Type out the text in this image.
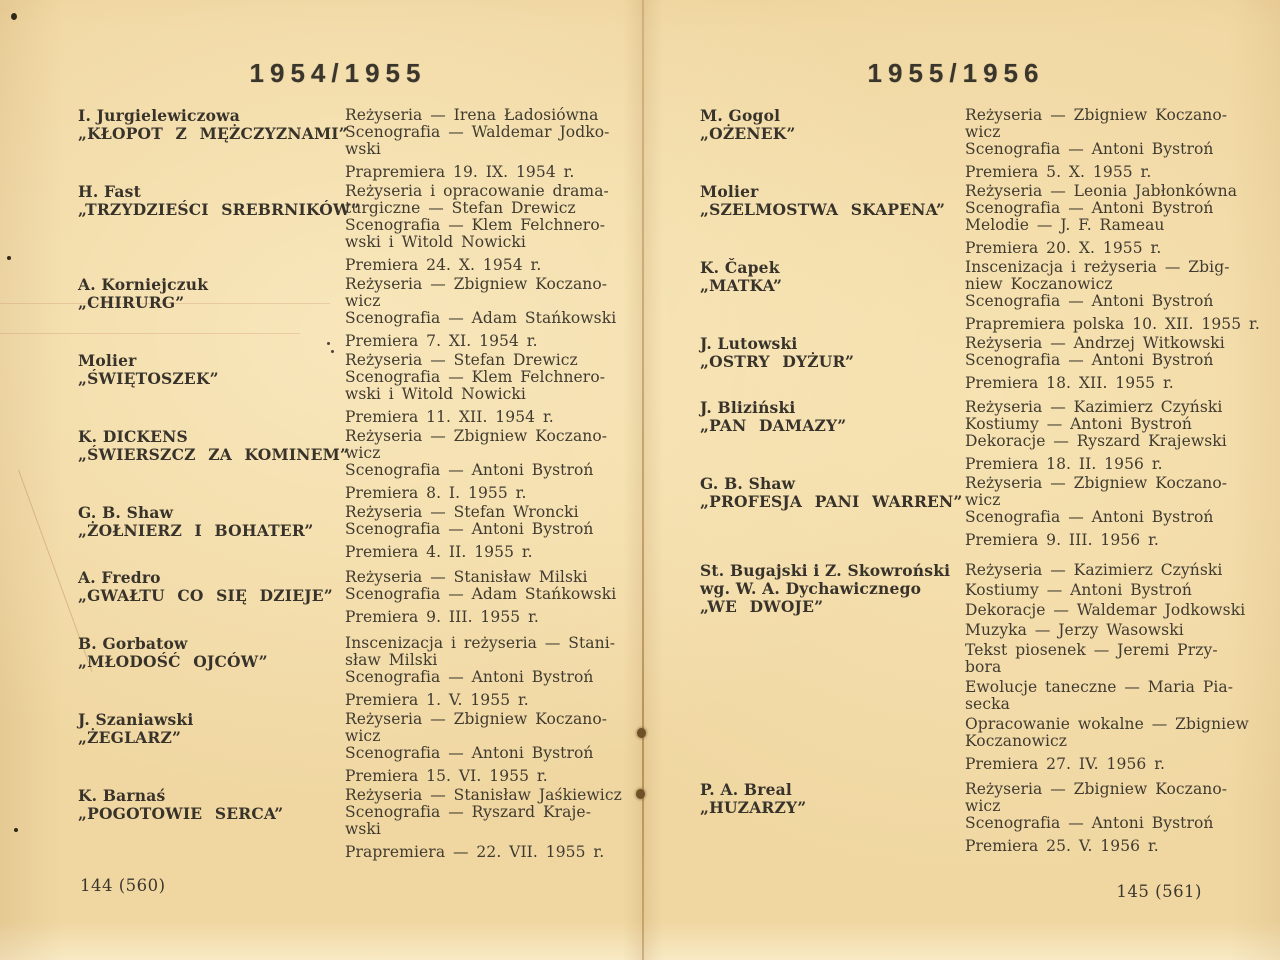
1954/1955
I. Jurgielewiczowa
„KŁOPOT Z MĘŻCZYZNAMI”
Reżyseria — Irena Ładosiówna
Scenografia — Waldemar Jodko-
wski
Prapremiera 19. IX. 1954 r.
H. Fast
„TRZYDZIEŚCI SREBRNIKÓW”
Reżyseria i opracowanie drama-
turgiczne — Stefan Drewicz
Scenografia — Klem Felchnero-
wski i Witold Nowicki
Premiera 24. X. 1954 r.
A. Korniejczuk
„CHIRURG”
Reżyseria — Zbigniew Koczano-
wicz
Scenografia — Adam Stańkowski
Premiera 7. XI. 1954 r.
Molier
„ŚWIĘTOSZEK”
Reżyseria — Stefan Drewicz
Scenografia — Klem Felchnero-
wski i Witold Nowicki
Premiera 11. XII. 1954 r.
K. DICKENS
„ŚWIERSZCZ ZA KOMINEM”
Reżyseria — Zbigniew Koczano-
wicz
Scenografia — Antoni Bystroń
Premiera 8. I. 1955 r.
G. B. Shaw
„ŻOŁNIERZ I BOHATER”
Reżyseria — Stefan Wroncki
Scenografia — Antoni Bystroń
Premiera 4. II. 1955 r.
A. Fredro
„GWAŁTU CO SIĘ DZIEJE”
Reżyseria — Stanisław Milski
Scenografia — Adam Stańkowski
Premiera 9. III. 1955 r.
B. Gorbatow
„MŁODOŚĆ OJCÓW”
Inscenizacja i reżyseria — Stani-
sław Milski
Scenografia — Antoni Bystroń
Premiera 1. V. 1955 r.
J. Szaniawski
„ŻEGLARZ”
Reżyseria — Zbigniew Koczano-
wicz
Scenografia — Antoni Bystroń
Premiera 15. VI. 1955 r.
K. Barnaś
„POGOTOWIE SERCA”
Reżyseria — Stanisław Jaśkiewicz
Scenografia — Ryszard Kraje-
wski
Prapremiera — 22. VII. 1955 r.
144 (560)
1955/1956
M. Gogol
„OŻENEK”
Reżyseria — Zbigniew Koczano-
wicz
Scenografia — Antoni Bystroń
Premiera 5. X. 1955 r.
Molier
„SZELMOSTWA SKAPENA”
Reżyseria — Leonia Jabłonkówna
Scenografia — Antoni Bystroń
Melodie — J. F. Rameau
Premiera 20. X. 1955 r.
K. Čapek
„MATKA”
Inscenizacja i reżyseria — Zbig-
niew Koczanowicz
Scenografia — Antoni Bystroń
Prapremiera polska 10. XII. 1955 r.
J. Lutowski
„OSTRY DYŻUR”
Reżyseria — Andrzej Witkowski
Scenografia — Antoni Bystroń
Premiera 18. XII. 1955 r.
J. Bliziński
„PAN DAMAZY”
Reżyseria — Kazimierz Czyński
Kostiumy — Antoni Bystroń
Dekoracje — Ryszard Krajewski
Premiera 18. II. 1956 r.
G. B. Shaw
„PROFESJA PANI WARREN”
Reżyseria — Zbigniew Koczano-
wicz
Scenografia — Antoni Bystroń
Premiera 9. III. 1956 r.
St. Bugajski i Z. Skowroński
wg. W. A. Dychawicznego
„WE DWOJE”
Reżyseria — Kazimierz Czyński
Kostiumy — Antoni Bystroń
Dekoracje — Waldemar Jodkowski
Muzyka — Jerzy Wasowski
Tekst piosenek — Jeremi Przy-
bora
Ewolucje taneczne — Maria Pia-
secka
Opracowanie wokalne — Zbigniew
Koczanowicz
Premiera 27. IV. 1956 r.
P. A. Breal
„HUZARZY”
Reżyseria — Zbigniew Koczano-
wicz
Scenografia — Antoni Bystroń
Premiera 25. V. 1956 r.
145 (561)
